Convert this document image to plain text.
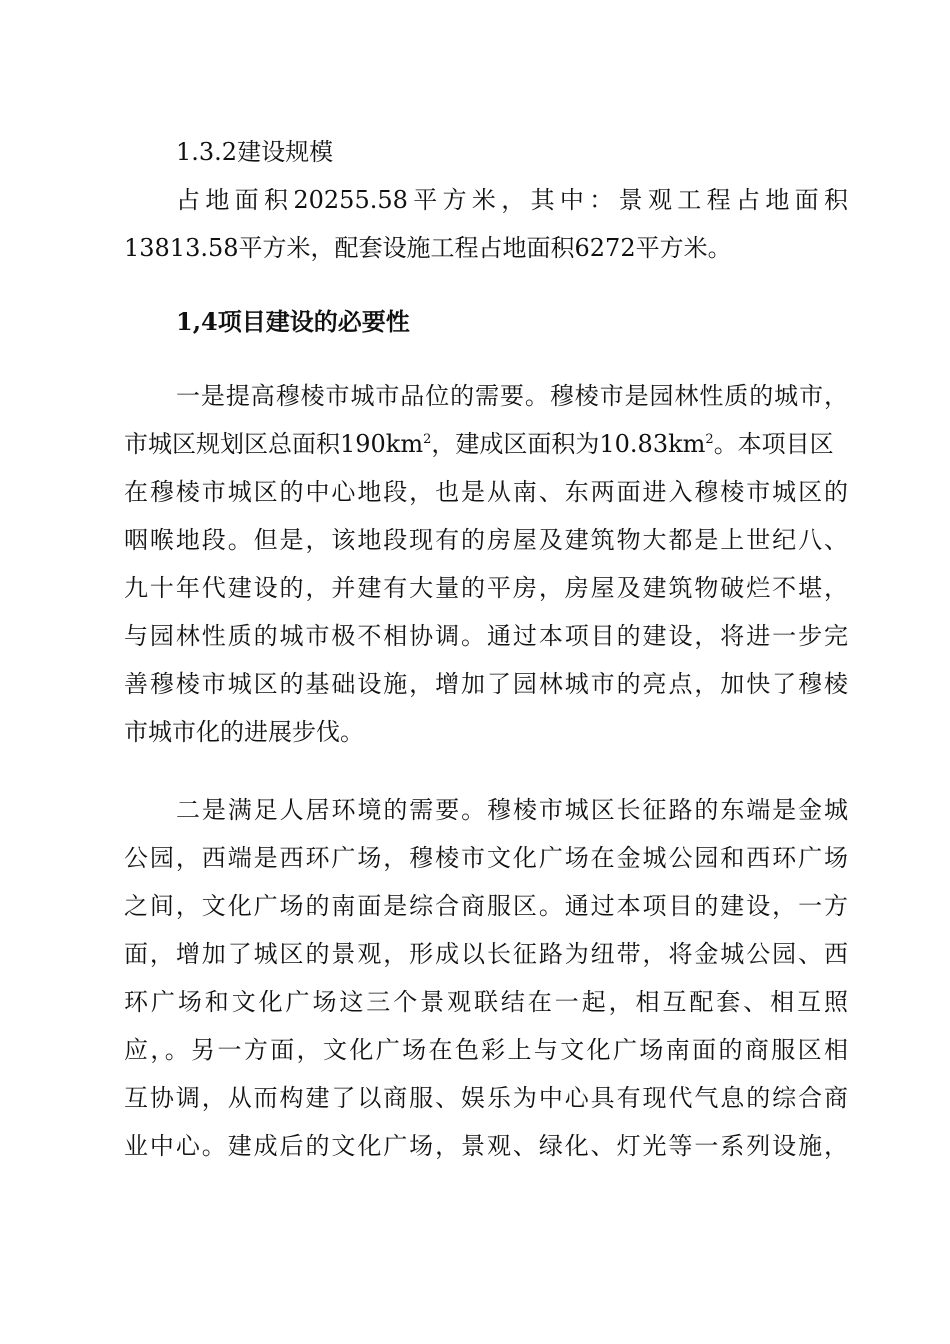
1.3.2建设规模
占地面积20255.58平方米，其中：景观工程占地面积
13813.58平方米，配套设施工程占地面积6272平方米。
1,4项目建设的必要性
一是提高穆棱市城市品位的需要。穆棱市是园林性质的城市，
市城区规划区总面积$190km^2$，建成区面积为$10.83km^2$。本项目区
在穆棱市城区的中心地段，也是从南、东两面进入穆棱市城区的
咽喉地段。但是，该地段现有的房屋及建筑物大都是上世纪八、
九十年代建设的，并建有大量的平房，房屋及建筑物破烂不堪，
与园林性质的城市极不相协调。通过本项目的建设，将进一步完
善穆棱市城区的基础设施，增加了园林城市的亮点，加快了穆棱
市城市化的进展步伐。
二是满足人居环境的需要。穆棱市城区长征路的东端是金城
公园，西端是西环广场，穆棱市文化广场在金城公园和西环广场
之间，文化广场的南面是综合商服区。通过本项目的建设，一方
面，增加了城区的景观，形成以长征路为纽带，将金城公园、西
环广场和文化广场这三个景观联结在一起，相互配套、相互照
应，。另一方面，文化广场在色彩上与文化广场南面的商服区相
互协调，从而构建了以商服、娱乐为中心具有现代气息的综合商
业中心。建成后的文化广场，景观、绿化、灯光等一系列设施，
